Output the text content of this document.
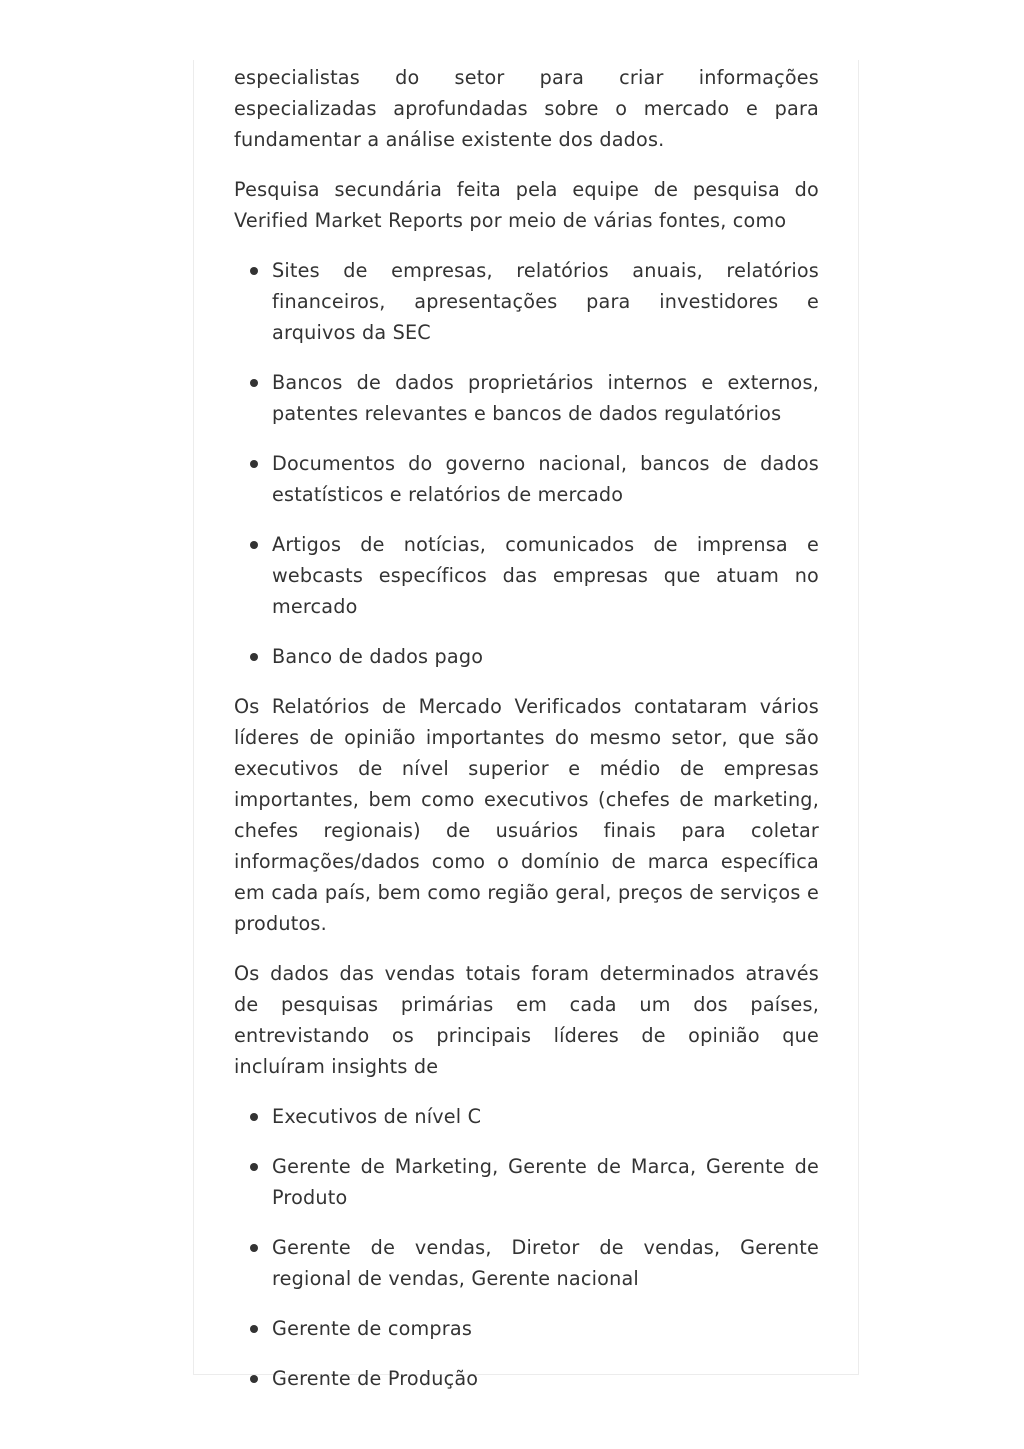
especialistas do setor para criar informações especializadas aprofundadas sobre o mercado e para fundamentar a análise existente dos dados.

Pesquisa secundária feita pela equipe de pesquisa do Verified Market Reports por meio de várias fontes, como

Sites de empresas, relatórios anuais, relatórios financeiros, apresentações para investidores e arquivos da SEC
Bancos de dados proprietários internos e externos, patentes relevantes e bancos de dados regulatórios
Documentos do governo nacional, bancos de dados estatísticos e relatórios de mercado
Artigos de notícias, comunicados de imprensa e webcasts específicos das empresas que atuam no mercado
Banco de dados pago

Os Relatórios de Mercado Verificados contataram vários líderes de opinião importantes do mesmo setor, que são executivos de nível superior e médio de empresas importantes, bem como executivos (chefes de marketing, chefes regionais) de usuários finais para coletar informações/dados como o domínio de marca específica em cada país, bem como região geral, preços de serviços e produtos.

Os dados das vendas totais foram determinados através de pesquisas primárias em cada um dos países, entrevistando os principais líderes de opinião que incluíram insights de

Executivos de nível C
Gerente de Marketing, Gerente de Marca, Gerente de Produto
Gerente de vendas, Diretor de vendas, Gerente regional de vendas, Gerente nacional
Gerente de compras
Gerente de Produção
